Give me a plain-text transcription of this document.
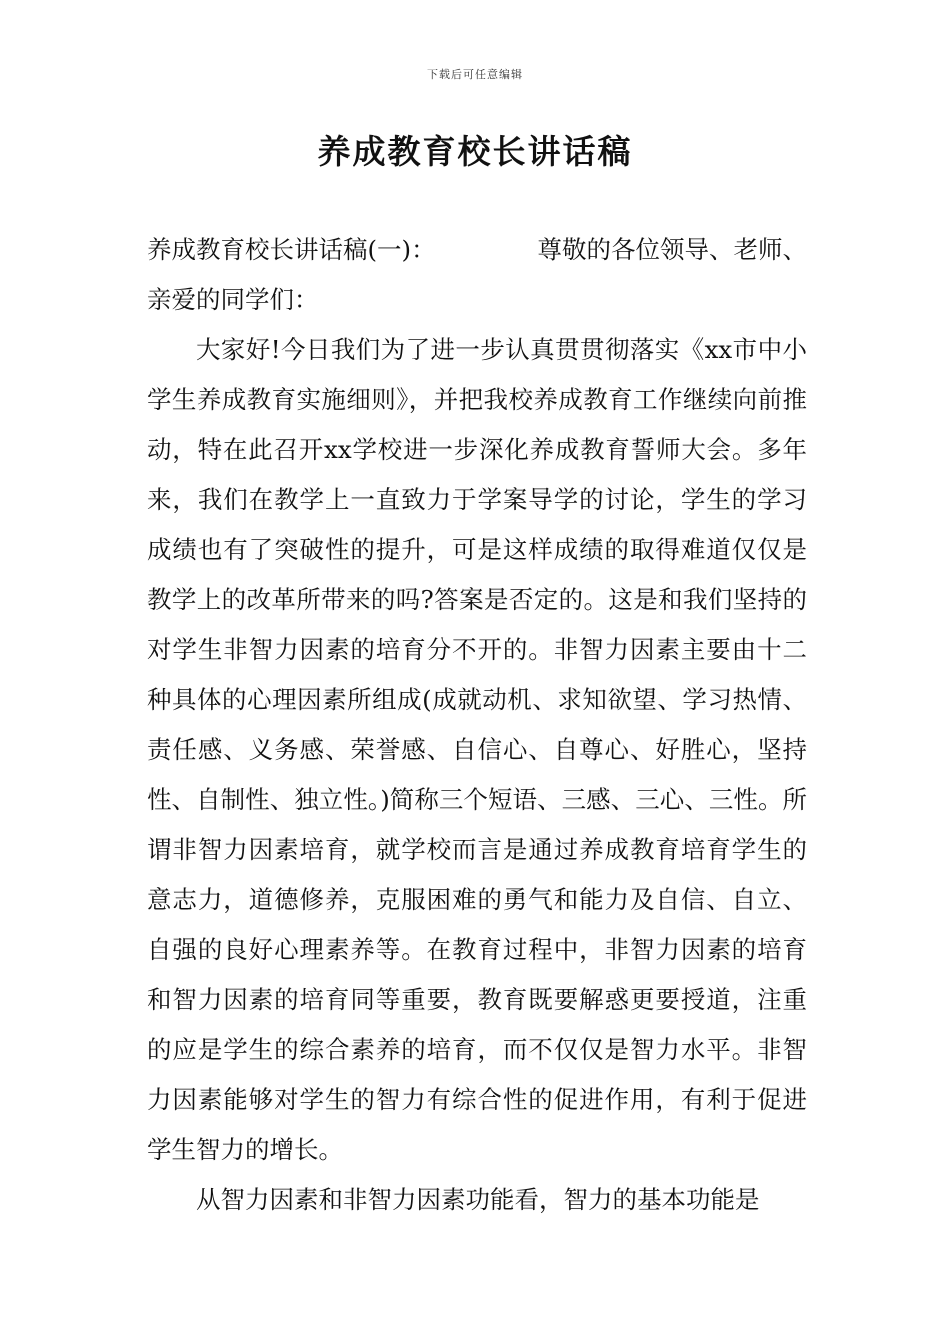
下载后可任意编辑
养成教育校长讲话稿

养成教育校长讲话稿(一)：	尊敬的各位领导、老师、

亲爱的同学们：

大家好!今日我们为了进一步认真贯贯彻落实《xx市中小学生养成教育实施细则》，并把我校养成教育工作继续向前推动，特在此召开xx学校进一步深化养成教育誓师大会。多年来，我们在教学上一直致力于学案导学的讨论，学生的学习成绩也有了突破性的提升，可是这样成绩的取得难道仅仅是教学上的改革所带来的吗?答案是否定的。这是和我们坚持的对学生非智力因素的培育分不开的。非智力因素主要由十二种具体的心理因素所组成(成就动机、求知欲望、学习热情、责任感、义务感、荣誉感、自信心、自尊心、好胜心，坚持性、自制性、独立性。)简称三个短语、三感、三心、三性。所谓非智力因素培育，就学校而言是通过养成教育培育学生的意志力，道德修养，克服困难的勇气和能力及自信、自立、自强的良好心理素养等。在教育过程中，非智力因素的培育和智力因素的培育同等重要，教育既要解惑更要授道，注重的应是学生的综合素养的培育，而不仅仅是智力水平。非智力因素能够对学生的智力有综合性的促进作用，有利于促进学生智力的增长。

从智力因素和非智力因素功能看，智力的基本功能是
